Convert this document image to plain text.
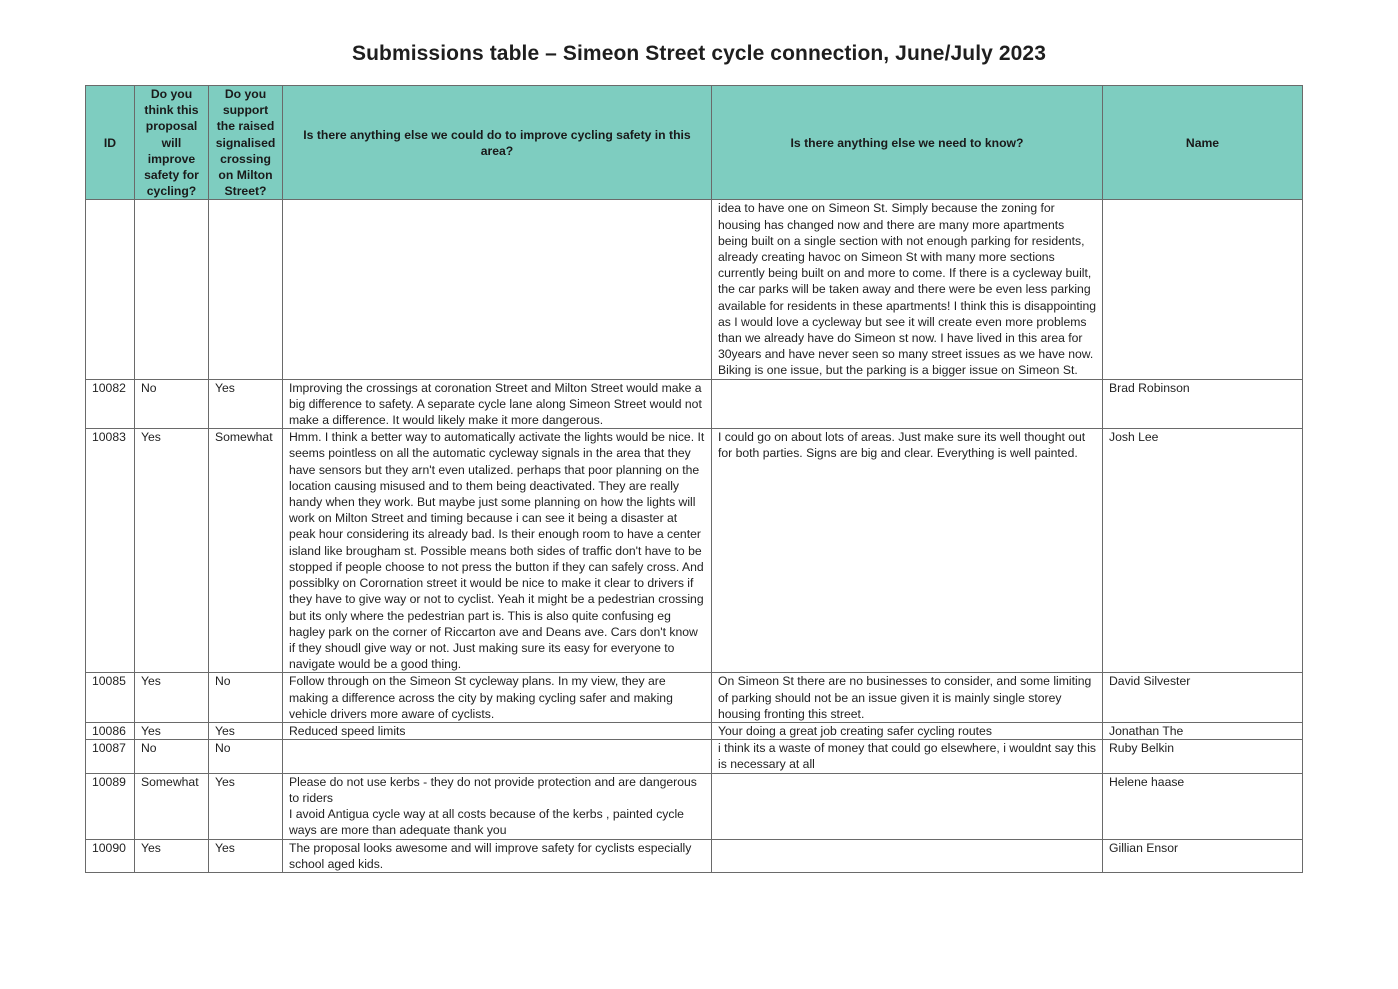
Submissions table – Simeon Street cycle connection, June/July 2023
ID	Do you think this proposal will improve safety for cycling?	Do you support the raised signalised crossing on Milton Street?	Is there anything else we could do to improve cycling safety in this area?	Is there anything else we need to know?	Name
				idea to have one on Simeon St. Simply because the zoning for housing has changed now and there are many more apartments being built on a single section with not enough parking for residents, already creating havoc on Simeon St with many more sections currently being built on and more to come. If there is a cycleway built, the car parks will be taken away and there were be even less parking available for residents in these apartments! I think this is disappointing as I would love a cycleway but see it will create even more problems than we already have do Simeon st now. I have lived in this area for 30years and have never seen so many street issues as we have now. Biking is one issue, but the parking is a bigger issue on Simeon St.	
10082	No	Yes	Improving the crossings at coronation Street and Milton Street would make a big difference to safety. A separate cycle lane along Simeon Street would not make a difference. It would likely make it more dangerous.		Brad Robinson
10083	Yes	Somewhat	Hmm. I think a better way to automatically activate the lights would be nice. It seems pointless on all the automatic cycleway signals in the area that they have sensors but they arn't even utalized. perhaps that poor planning on the location causing misused and to them being deactivated. They are really handy when they work. But maybe just some planning on how the lights will work on Milton Street and timing because i can see it being a disaster at peak hour considering its already bad. Is their enough room to have a center island like brougham st. Possible means both sides of traffic don't have to be stopped if people choose to not press the button if they can safely cross. And possiblky on Corornation street it would be nice to make it clear to drivers if they have to give way or not to cyclist. Yeah it might be a pedestrian crossing but its only where the pedestrian part is. This is also quite confusing eg hagley park on the corner of Riccarton ave and Deans ave. Cars don't know if they shoudl give way or not. Just making sure its easy for everyone to navigate would be a good thing.	I could go on about lots of areas. Just make sure its well thought out for both parties. Signs are big and clear. Everything is well painted.	Josh Lee
10085	Yes	No	Follow through on the Simeon St cycleway plans. In my view, they are making a difference across the city by making cycling safer and making vehicle drivers more aware of cyclists.	On Simeon St there are no businesses to consider, and some limiting of parking should not be an issue given it is mainly single storey housing fronting this street.	David Silvester
10086	Yes	Yes	Reduced speed limits	Your doing a great job creating safer cycling routes	Jonathan The
10087	No	No		i think its a waste of money that could go elsewhere, i wouldnt say this is necessary at all	Ruby Belkin
10089	Somewhat	Yes	Please do not use kerbs - they do not provide protection and are dangerous to riders
I avoid Antigua cycle way at all costs because of the kerbs , painted cycle ways are more than adequate thank you		Helene haase
10090	Yes	Yes	The proposal looks awesome and will improve safety for cyclists especially school aged kids.		Gillian Ensor
